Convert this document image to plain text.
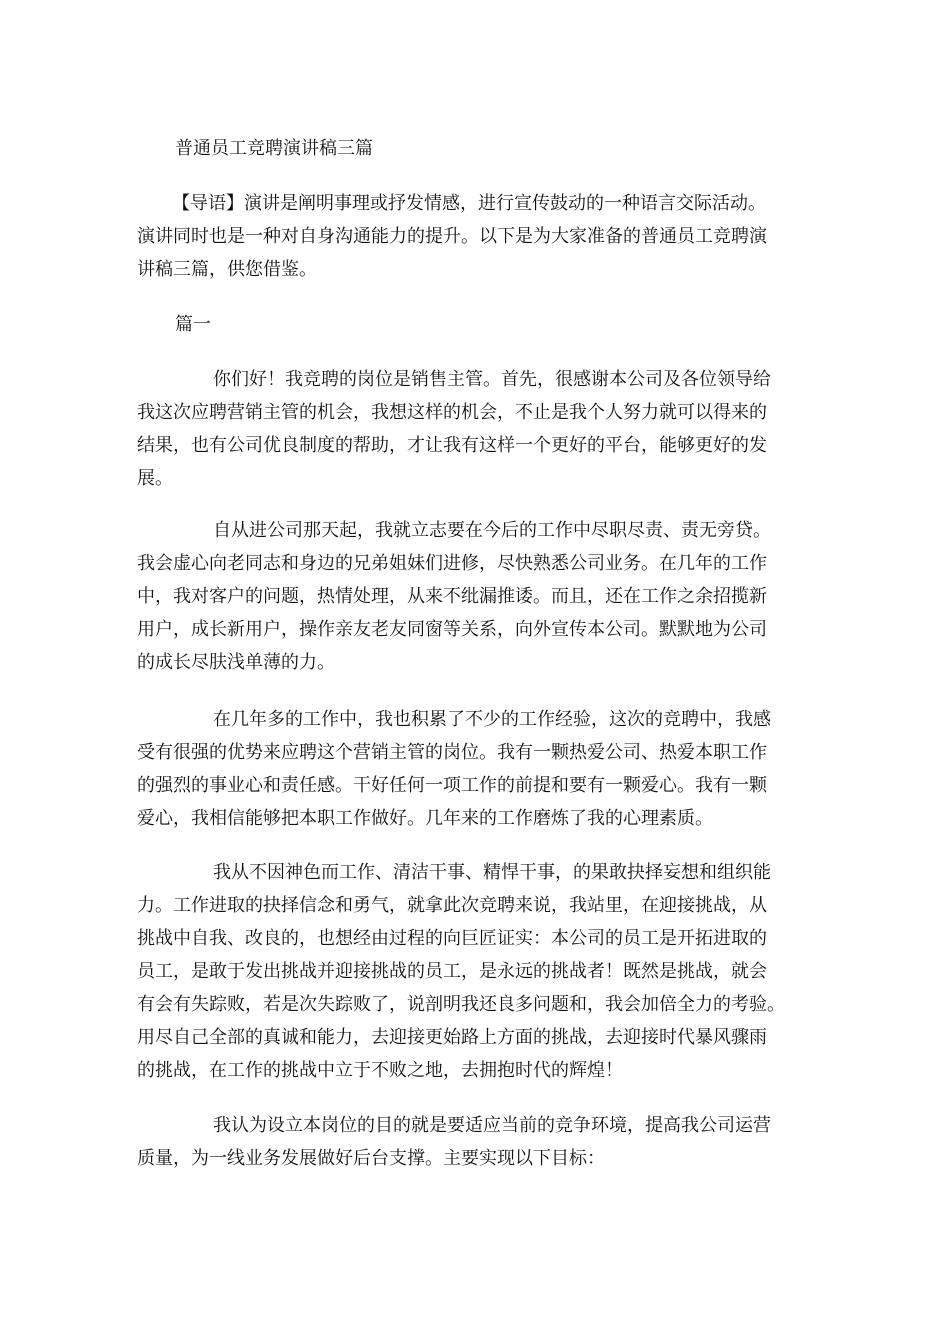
普通员工竞聘演讲稿三篇
【导语】演讲是阐明事理或抒发情感，进行宣传鼓动的一种语言交际活动。
演讲同时也是一种对自身沟通能力的提升。以下是为大家准备的普通员工竞聘演
讲稿三篇，供您借鉴。
篇一
你们好！我竞聘的岗位是销售主管。首先，很感谢本公司及各位领导给
我这次应聘营销主管的机会，我想这样的机会，不止是我个人努力就可以得来的
结果，也有公司优良制度的帮助，才让我有这样一个更好的平台，能够更好的发
展。
自从进公司那天起，我就立志要在今后的工作中尽职尽责、责无旁贷。
我会虚心向老同志和身边的兄弟姐妹们进修，尽快熟悉公司业务。在几年的工作
中，我对客户的问题，热情处理，从来不纰漏推诿。而且，还在工作之余招揽新
用户，成长新用户，操作亲友老友同窗等关系，向外宣传本公司。默默地为公司
的成长尽肤浅单薄的力。
在几年多的工作中，我也积累了不少的工作经验，这次的竞聘中，我感
受有很强的优势来应聘这个营销主管的岗位。我有一颗热爱公司、热爱本职工作
的强烈的事业心和责任感。干好任何一项工作的前提和要有一颗爱心。我有一颗
爱心，我相信能够把本职工作做好。几年来的工作磨炼了我的心理素质。
我从不因神色而工作、清洁干事、精悍干事，的果敢抉择妄想和组织能
力。工作进取的抉择信念和勇气，就拿此次竞聘来说，我站里，在迎接挑战，从
挑战中自我、改良的，也想经由过程的向巨匠证实：本公司的员工是开拓进取的
员工，是敢于发出挑战并迎接挑战的员工，是永远的挑战者！既然是挑战，就会
有会有失踪败，若是次失踪败了，说剖明我还良多问题和，我会加倍全力的考验。
用尽自己全部的真诚和能力，去迎接更始路上方面的挑战，去迎接时代暴风骤雨
的挑战，在工作的挑战中立于不败之地，去拥抱时代的辉煌！
我认为设立本岗位的目的就是要适应当前的竞争环境，提高我公司运营
质量，为一线业务发展做好后台支撑。主要实现以下目标：
